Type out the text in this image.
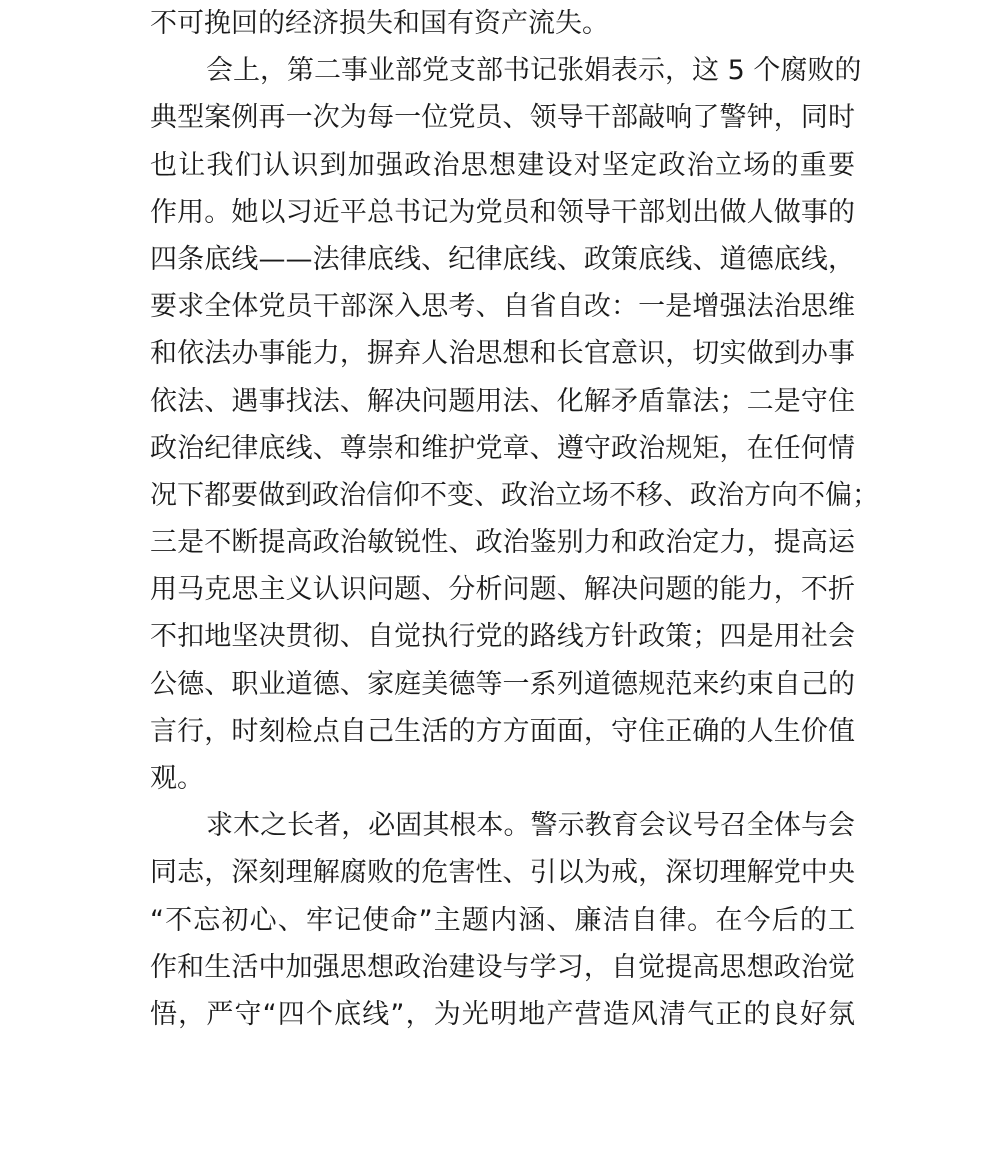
不可挽回的经济损失和国有资产流失。
会上，第二事业部党支部书记张娟表示，这 5 个腐败的
典型案例再一次为每一位党员、领导干部敲响了警钟，同时
也让我们认识到加强政治思想建设对坚定政治立场的重要
作用。她以习近平总书记为党员和领导干部划出做人做事的
四条底线——法律底线、纪律底线、政策底线、道德底线，
要求全体党员干部深入思考、自省自改：一是增强法治思维
和依法办事能力，摒弃人治思想和长官意识，切实做到办事
依法、遇事找法、解决问题用法、化解矛盾靠法；二是守住
政治纪律底线、尊崇和维护党章、遵守政治规矩，在任何情
况下都要做到政治信仰不变、政治立场不移、政治方向不偏；
三是不断提高政治敏锐性、政治鉴别力和政治定力，提高运
用马克思主义认识问题、分析问题、解决问题的能力，不折
不扣地坚决贯彻、自觉执行党的路线方针政策；四是用社会
公德、职业道德、家庭美德等一系列道德规范来约束自己的
言行，时刻检点自己生活的方方面面，守住正确的人生价值
观。
求木之长者，必固其根本。警示教育会议号召全体与会
同志，深刻理解腐败的危害性、引以为戒，深切理解党中央
“不忘初心、牢记使命”主题内涵、廉洁自律。在今后的工
作和生活中加强思想政治建设与学习，自觉提高思想政治觉
悟，严守“四个底线”，为光明地产营造风清气正的良好氛
